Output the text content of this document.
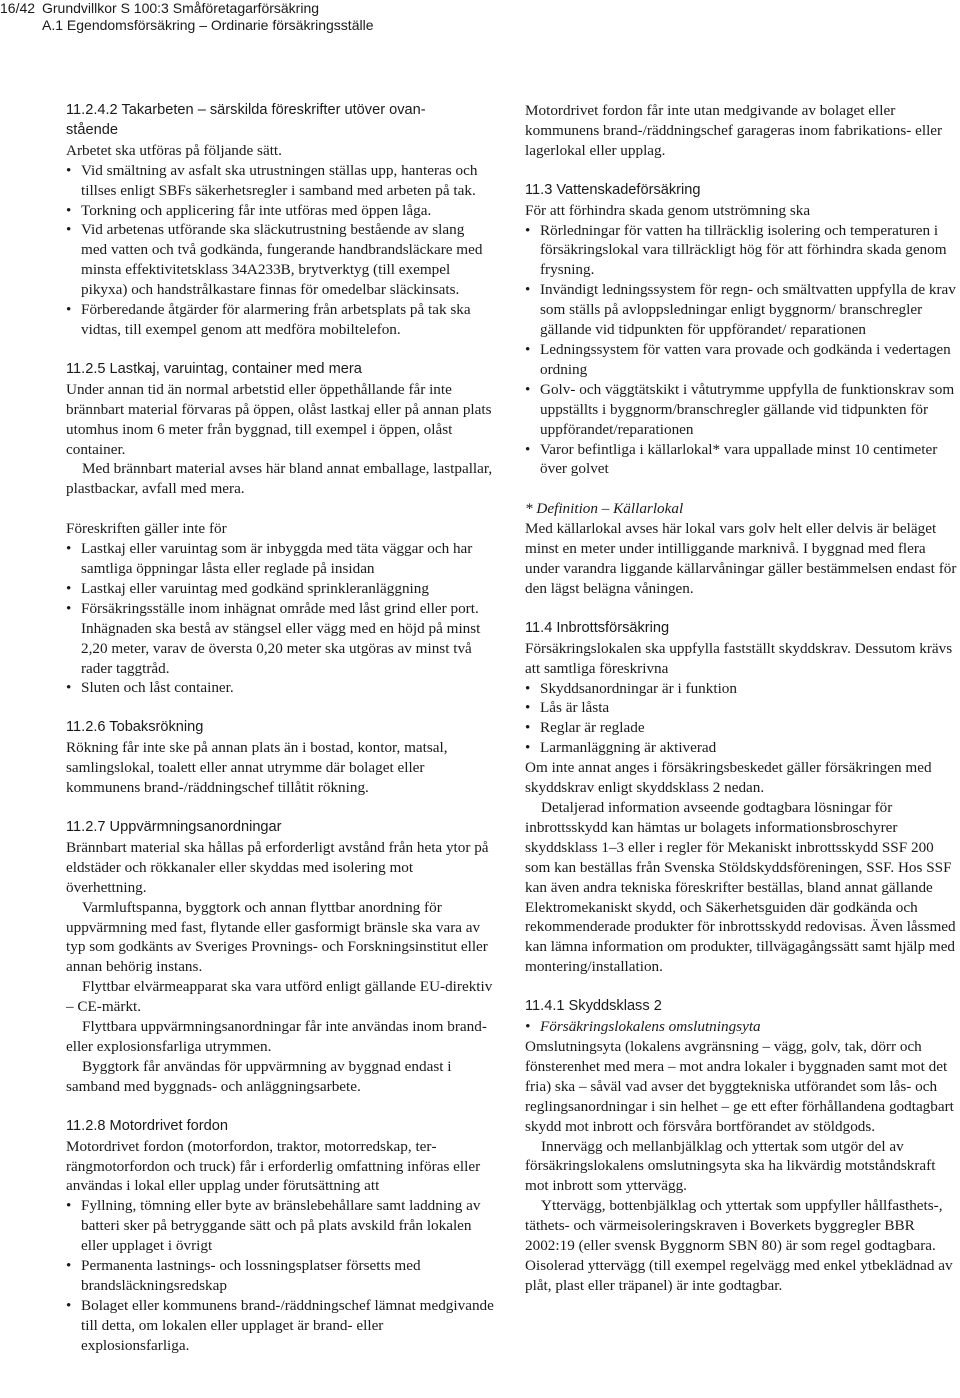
16/42 Grundvillkor S 100:3 Småföretagarförsäkring
A.1 Egendomsförsäkring – Ordinarie försäkringsställe

11.2.4.2 Takarbeten – särskilda föreskrifter utöver ovan-

stående

Arbetet ska utföras på följande sätt.

• Vid smältning av asfalt ska utrustningen ställas upp, hanteras och tillses enligt SBFs säkerhetsregler i samband med arbeten på tak.

• Torkning och applicering får inte utföras med öppen låga.

• Vid arbetenas utförande ska släckutrustning bestående av slang med vatten och två godkända, fungerande handbrandsläckare med minsta effektivitetsklass 34A233B, brytverktyg (till exempel pikyxa) och handstrålkastare finnas för omedelbar släckinsats.

• Förberedande åtgärder för alarmering från arbetsplats på tak ska vidtas, till exempel genom att medföra mobiltelefon.

11.2.5 Lastkaj, varuintag, container med mera

Under annan tid än normal arbetstid eller öppethållande får inte brännbart material förvaras på öppen, olåst lastkaj eller på annan plats utomhus inom 6 meter från byggnad, till exempel i öppen, olåst container.

Med brännbart material avses här bland annat emballage, lastpallar, plastbackar, avfall med mera.

Föreskriften gäller inte för

• Lastkaj eller varuintag som är inbyggda med täta väggar och har samtliga öppningar låsta eller reglade på insidan

• Lastkaj eller varuintag med godkänd sprinkleranläggning

• Försäkringsställe inom inhägnat område med låst grind eller port. Inhägnaden ska bestå av stängsel eller vägg med en höjd på minst 2,20 meter, varav de översta 0,20 meter ska utgöras av minst två rader taggtråd.

• Sluten och låst container.

11.2.6 Tobaksrökning

Rökning får inte ske på annan plats än i bostad, kontor, matsal, samlingslokal, toalett eller annat utrymme där bolaget eller kommunens brand-/räddningschef tillåtit rökning.

11.2.7 Uppvärmningsanordningar

Brännbart material ska hållas på erforderligt avstånd från heta ytor på eldstäder och rökkanaler eller skyddas med isolering mot överhettning.

Varmluftspanna, byggtork och annan flyttbar anordning för uppvärmning med fast, flytande eller gasformigt bränsle ska vara av typ som godkänts av Sveriges Provnings- och Forskningsinstitut eller annan behörig instans.

Flyttbar elvärmeapparat ska vara utförd enligt gällande EU-direktiv – CE-märkt.

Flyttbara uppvärmningsanordningar får inte användas inom brand- eller explosionsfarliga utrymmen.

Byggtork får användas för uppvärmning av byggnad endast i samband med byggnads- och anläggningsarbete.

11.2.8 Motordrivet fordon

Motordrivet fordon (motorfordon, traktor, motorredskap, terrängmotorfordon och truck) får i erforderlig omfattning införas eller användas i lokal eller upplag under förutsättning att

• Fyllning, tömning eller byte av bränslebehållare samt laddning av batteri sker på betryggande sätt och på plats avskild från lokalen eller upplaget i övrigt

• Permanenta lastnings- och lossningsplatser försetts med brandsläckningsredskap

• Bolaget eller kommunens brand-/räddningschef lämnat medgivande till detta, om lokalen eller upplaget är brand- eller explosionsfarliga.

Motordrivet fordon får inte utan medgivande av bolaget eller kommunens brand-/räddningschef garageras inom fabrikations- eller lagerlokal eller upplag.

11.3 Vattenskadeförsäkring

För att förhindra skada genom utströmning ska

• Rörledningar för vatten ha tillräcklig isolering och temperaturen i försäkringslokal vara tillräckligt hög för att förhindra skada genom frysning.

• Invändigt ledningssystem för regn- och smältvatten uppfylla de krav som ställs på avloppsledningar enligt byggnorm/ branschregler gällande vid tidpunkten för uppförandet/ reparationen

• Ledningssystem för vatten vara provade och godkända i vedertagen ordning

• Golv- och väggtätskikt i våtutrymme uppfylla de funktionskrav som uppställts i byggnorm/branschregler gällande vid tidpunkten för uppförandet/reparationen

• Varor befintliga i källarlokal* vara uppallade minst 10 centimeter över golvet

* Definition – Källarlokal

Med källarlokal avses här lokal vars golv helt eller delvis är beläget minst en meter under intilliggande marknivå. I byggnad med flera under varandra liggande källarvåningar gäller bestämmelsen endast för den lägst belägna våningen.

11.4 Inbrottsförsäkring

Försäkringslokalen ska uppfylla fastställt skyddskrav. Dessutom krävs att samtliga föreskrivna

• Skyddsanordningar är i funktion

• Lås är låsta

• Reglar är reglade

• Larmanläggning är aktiverad

Om inte annat anges i försäkringsbeskedet gäller försäkringen med skyddskrav enligt skyddsklass 2 nedan.

Detaljerad information avseende godtagbara lösningar för inbrottsskydd kan hämtas ur bolagets informationsbroschyrer skyddsklass 1–3 eller i regler för Mekaniskt inbrottsskydd SSF 200 som kan beställas från Svenska Stöldskyddsföreningen, SSF. Hos SSF kan även andra tekniska föreskrifter beställas, bland annat gällande Elektromekaniskt skydd, och Säkerhetsguiden där godkända och rekommenderade produkter för inbrottsskydd redovisas. Även låssmed kan lämna information om produkter, tillvägagångssätt samt hjälp med montering/installation.

11.4.1 Skyddsklass 2

• Försäkringslokalens omslutningsyta

Omslutningsyta (lokalens avgränsning – vägg, golv, tak, dörr och fönsterenhet med mera – mot andra lokaler i byggnaden samt mot det fria) ska – såväl vad avser det byggtekniska utförandet som lås- och reglingsanordningar i sin helhet – ge ett efter förhållandena godtagbart skydd mot inbrott och försvåra bortförandet av stöldgods.

Innervägg och mellanbjälklag och yttertak som utgör del av försäkringslokalens omslutningsyta ska ha likvärdig motståndskraft mot inbrott som yttervägg.

Yttervägg, bottenbjälklag och yttertak som uppfyller hållfasthets-, täthets- och värmeisoleringskraven i Boverkets byggregler BBR 2002:19 (eller svensk Byggnorm SBN 80) är som regel godtagbara. Oisolerad yttervägg (till exempel regelvägg med enkel ytbeklädnad av plåt, plast eller träpanel) är inte godtagbar.
